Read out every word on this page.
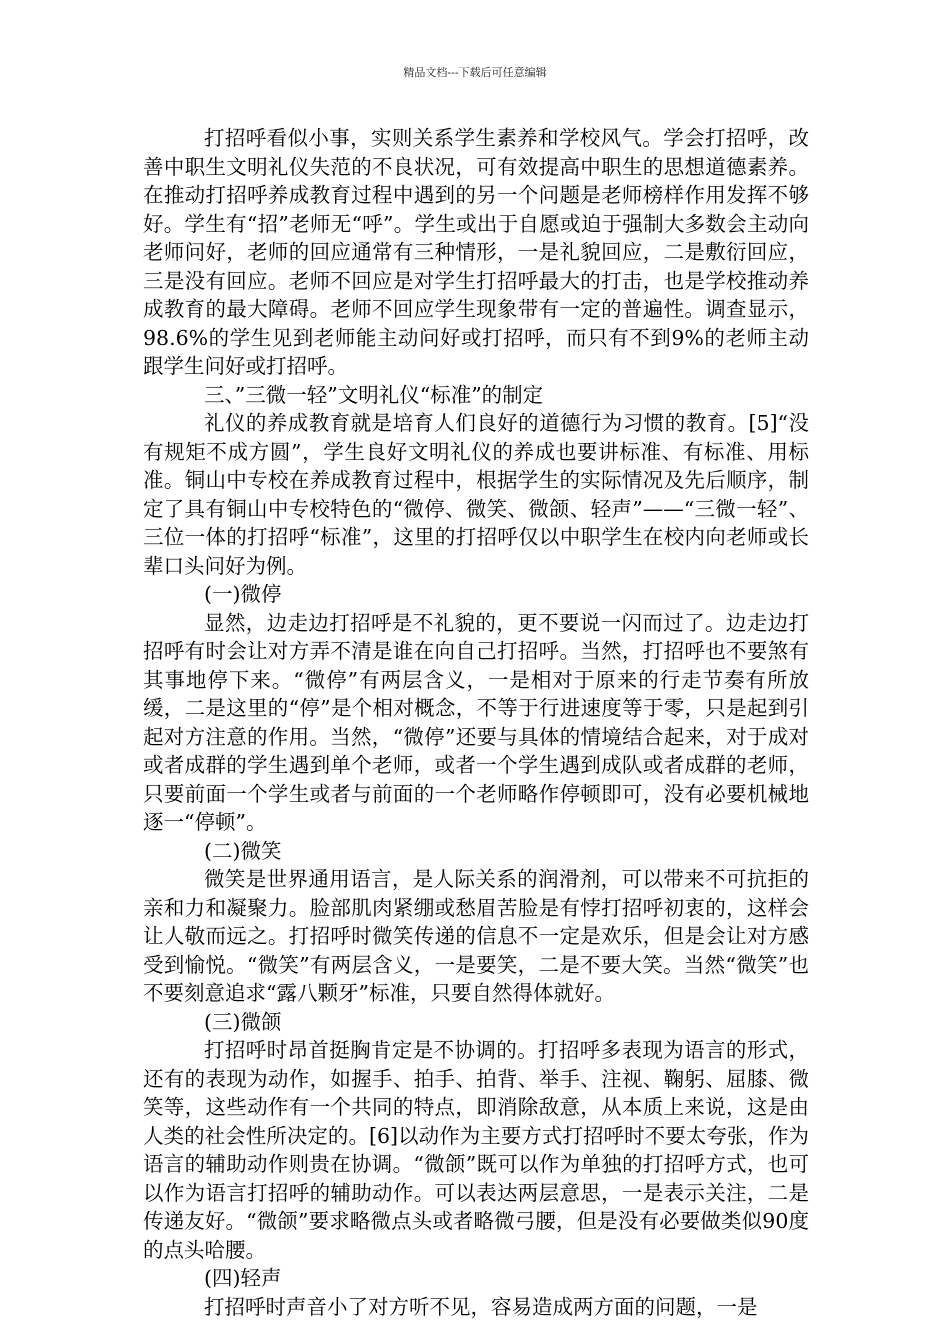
精品文档---下载后可任意编辑

打招呼看似小事，实则关系学生素养和学校风气。学会打招呼，改善中职生文明礼仪失范的不良状况，可有效提高中职生的思想道德素养。在推动打招呼养成教育过程中遇到的另一个问题是老师榜样作用发挥不够好。学生有“招”老师无“呼”。学生或出于自愿或迫于强制大多数会主动向老师问好，老师的回应通常有三种情形，一是礼貌回应，二是敷衍回应，三是没有回应。老师不回应是对学生打招呼最大的打击，也是学校推动养成教育的最大障碍。老师不回应学生现象带有一定的普遍性。调查显示，98.6%的学生见到老师能主动问好或打招呼，而只有不到9%的老师主动跟学生问好或打招呼。

三、”三微一轻”文明礼仪“标准”的制定

礼仪的养成教育就是培育人们良好的道德行为习惯的教育。[5]“没有规矩不成方圆”，学生良好文明礼仪的养成也要讲标准、有标准、用标准。铜山中专校在养成教育过程中，根据学生的实际情况及先后顺序，制定了具有铜山中专校特色的“微停、微笑、微颌、轻声”——“三微一轻”、三位一体的打招呼“标准”，这里的打招呼仅以中职学生在校内向老师或长辈口头问好为例。

(一)微停

显然，边走边打招呼是不礼貌的，更不要说一闪而过了。边走边打招呼有时会让对方弄不清是谁在向自己打招呼。当然，打招呼也不要煞有其事地停下来。“微停”有两层含义，一是相对于原来的行走节奏有所放缓，二是这里的“停”是个相对概念，不等于行进速度等于零，只是起到引起对方注意的作用。当然，“微停”还要与具体的情境结合起来，对于成对或者成群的学生遇到单个老师，或者一个学生遇到成队或者成群的老师，只要前面一个学生或者与前面的一个老师略作停顿即可，没有必要机械地逐一“停顿”。

(二)微笑

微笑是世界通用语言，是人际关系的润滑剂，可以带来不可抗拒的亲和力和凝聚力。脸部肌肉紧绷或愁眉苦脸是有悖打招呼初衷的，这样会让人敬而远之。打招呼时微笑传递的信息不一定是欢乐，但是会让对方感受到愉悦。“微笑”有两层含义，一是要笑，二是不要大笑。当然“微笑”也不要刻意追求“露八颗牙”标准，只要自然得体就好。

(三)微颌

打招呼时昂首挺胸肯定是不协调的。打招呼多表现为语言的形式，还有的表现为动作，如握手、拍手、拍背、举手、注视、鞠躬、屈膝、微笑等，这些动作有一个共同的特点，即消除敌意，从本质上来说，这是由人类的社会性所决定的。[6]以动作为主要方式打招呼时不要太夸张，作为语言的辅助动作则贵在协调。“微颌”既可以作为单独的打招呼方式，也可以作为语言打招呼的辅助动作。可以表达两层意思，一是表示关注，二是传递友好。“微颌”要求略微点头或者略微弓腰，但是没有必要做类似90度的点头哈腰。

(四)轻声

打招呼时声音小了对方听不见，容易造成两方面的问题，一是
